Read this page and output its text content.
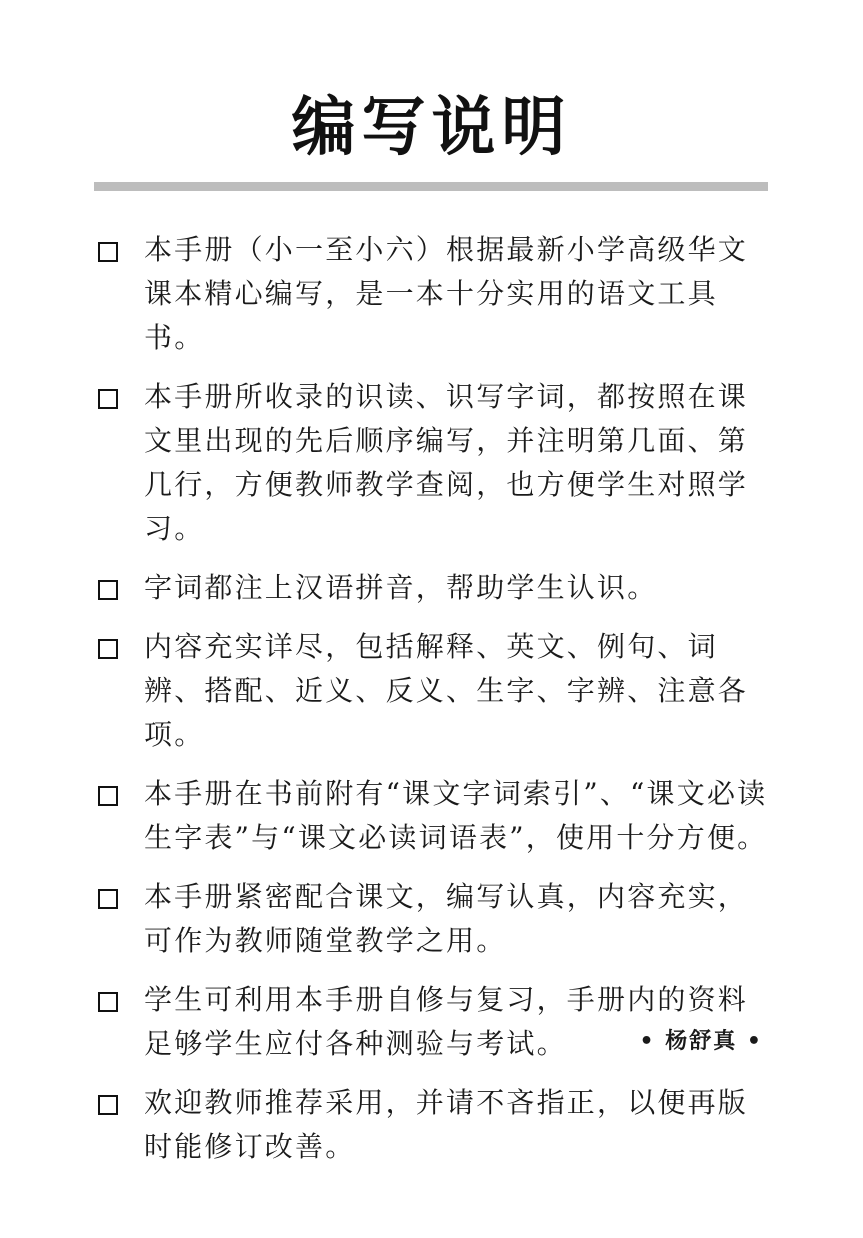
编写说明
本手册（小一至小六）根据最新小学高级华文课本精心编写，是一本十分实用的语文工具书。
本手册所收录的识读、识写字词，都按照在课文里出现的先后顺序编写，并注明第几面、第几行，方便教师教学查阅，也方便学生对照学习。
字词都注上汉语拼音，帮助学生认识。
内容充实详尽，包括解释、英文、例句、词辨、搭配、近义、反义、生字、字辨、注意各项。
本手册在书前附有“课文字词索引”、“课文必读生字表”与“课文必读词语表”，使用十分方便。
本手册紧密配合课文，编写认真，内容充实，可作为教师随堂教学之用。
学生可利用本手册自修与复习，手册内的资料足够学生应付各种测验与考试。
欢迎教师推荐采用，并请不吝指正，以便再版时能修订改善。
• 杨舒真 •
